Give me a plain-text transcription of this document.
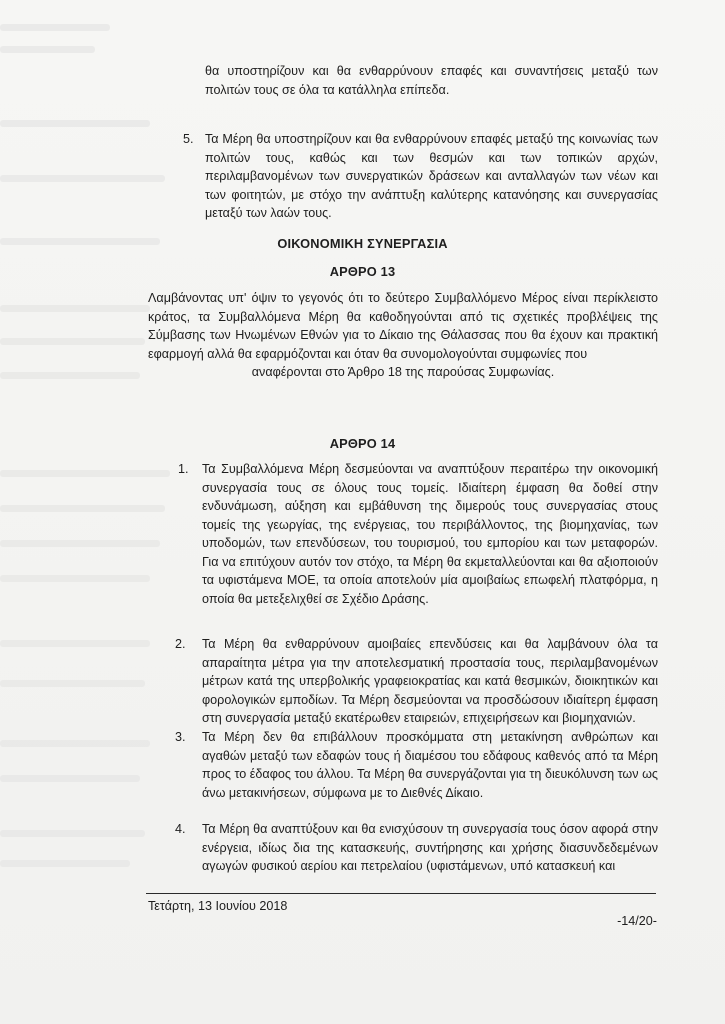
θα υποστηρίζουν και θα ενθαρρύνουν επαφές και συναντήσεις μεταξύ των πολιτών τους σε όλα τα κατάλληλα επίπεδα.
5. Τα Μέρη θα υποστηρίζουν και θα ενθαρρύνουν επαφές μεταξύ της κοινωνίας των πολιτών τους, καθώς και των θεσμών και των τοπικών αρχών, περιλαμβανομένων των συνεργατικών δράσεων και ανταλλαγών των νέων και των φοιτητών, με στόχο την ανάπτυξη καλύτερης κατανόησης και συνεργασίας μεταξύ των λαών τους.
ΟΙΚΟΝΟΜΙΚΗ ΣΥΝΕΡΓΑΣΙΑ
ΑΡΘΡΟ 13
Λαμβάνοντας υπ' όψιν το γεγονός ότι το δεύτερο Συμβαλλόμενο Μέρος είναι περίκλειστο κράτος, τα Συμβαλλόμενα Μέρη θα καθοδηγούνται από τις σχετικές προβλέψεις της Σύμβασης των Ηνωμένων Εθνών για το Δίκαιο της Θάλασσας που θα έχουν και πρακτική εφαρμογή αλλά θα εφαρμόζονται και όταν θα συνομολογούνται συμφωνίες που
αναφέρονται στο Άρθρο 18 της παρούσας Συμφωνίας.
ΑΡΘΡΟ 14
1. Τα Συμβαλλόμενα Μέρη δεσμεύονται να αναπτύξουν περαιτέρω την οικονομική συνεργασία τους σε όλους τους τομείς. Ιδιαίτερη έμφαση θα δοθεί στην ενδυνάμωση, αύξηση και εμβάθυνση της διμερούς τους συνεργασίας στους τομείς της γεωργίας, της ενέργειας, του περιβάλλοντος, της βιομηχανίας, των υποδομών, των επενδύσεων, του τουρισμού, του εμπορίου και των μεταφορών. Για να επιτύχουν αυτόν τον στόχο, τα Μέρη θα εκμεταλλεύονται και θα αξιοποιούν τα υφιστάμενα ΜΟΕ, τα οποία αποτελούν μία αμοιβαίως επωφελή πλατφόρμα, η οποία θα μετεξελιχθεί σε Σχέδιο Δράσης.
2. Τα Μέρη θα ενθαρρύνουν αμοιβαίες επενδύσεις και θα λαμβάνουν όλα τα απαραίτητα μέτρα για την αποτελεσματική προστασία τους, περιλαμβανομένων μέτρων κατά της υπερβολικής γραφειοκρατίας και κατά θεσμικών, διοικητικών και φορολογικών εμποδίων. Τα Μέρη δεσμεύονται να προσδώσουν ιδιαίτερη έμφαση στη συνεργασία μεταξύ εκατέρωθεν εταιρειών, επιχειρήσεων και βιομηχανιών.
3. Τα Μέρη δεν θα επιβάλλουν προσκόμματα στη μετακίνηση ανθρώπων και αγαθών μεταξύ των εδαφών τους ή διαμέσου του εδάφους καθενός από τα Μέρη προς το έδαφος του άλλου. Τα Μέρη θα συνεργάζονται για τη διευκόλυνση των ως άνω μετακινήσεων, σύμφωνα με το Διεθνές Δίκαιο.
4. Τα Μέρη θα αναπτύξουν και θα ενισχύσουν τη συνεργασία τους όσον αφορά στην ενέργεια, ιδίως δια της κατασκευής, συντήρησης και χρήσης διασυνδεδεμένων αγωγών φυσικού αερίου και πετρελαίου (υφιστάμενων, υπό κατασκευή και
Τετάρτη, 13 Ιουνίου 2018
-14/20-
